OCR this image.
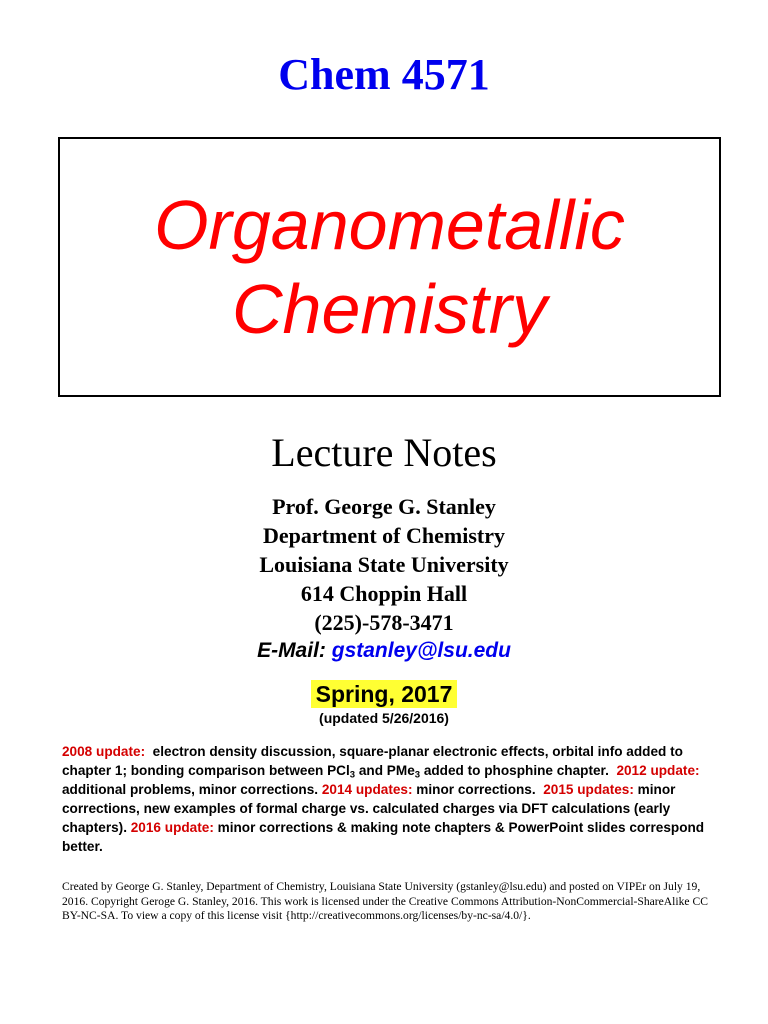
Chem 4571
Organometallic
Chemistry
Lecture Notes
Prof. George G. Stanley
Department of Chemistry
Louisiana State University
614 Choppin Hall
(225)-578-3471
E-Mail: gstanley@lsu.edu
Spring, 2017
(updated 5/26/2016)
2008 update: electron density discussion, square-planar electronic effects, orbital info added to chapter 1; bonding comparison between PCl$_3$ and PMe$_3$ added to phosphine chapter. 2012 update:  additional problems, minor corrections. 2014 updates: minor corrections. 2015 updates: minor corrections, new examples of formal charge vs. calculated charges via DFT calculations (early chapters). 2016 update: minor corrections & making note chapters & PowerPoint slides correspond better.
Created by George G. Stanley, Department of Chemistry, Louisiana State University (gstanley@lsu.edu) and posted on VIPEr on July 19, 2016. Copyright Geroge G. Stanley, 2016. This work is licensed under the Creative Commons Attribution-NonCommercial-ShareAlike CC BY-NC-SA. To view a copy of this license visit {http://creativecommons.org/licenses/by-nc-sa/4.0/}.
